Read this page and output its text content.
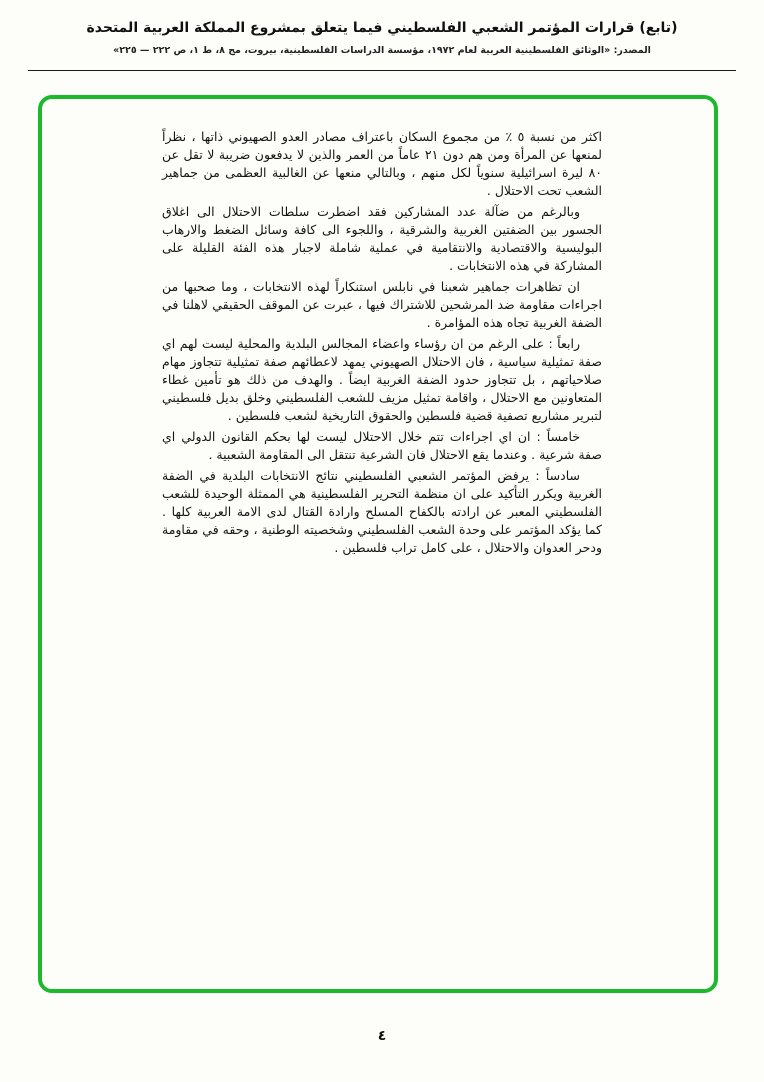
(تابع) قرارات المؤتمر الشعبي الفلسطيني فيما يتعلق بمشروع المملكة العربية المتحدة
المصدر: «الوثائق الفلسطينية العربية لعام ١٩٧٢، مؤسسة الدراسات الفلسطينية، بيروت، مج ٨، ط ١، ص ٢٢٢ — ٢٢٥»

اكثر من نسبة ٥ ٪ من مجموع السكان باعتراف مصادر العدو الصهيوني ذاتها ، نظراً لمنعها عن المرأة ومن هم دون ٢١ عاماً من العمر والذين لا يدفعون ضريبة لا تقل عن ٨٠ ليرة اسرائيلية سنوياً لكل منهم ، وبالتالي منعها عن الغالبية العظمى من جماهير الشعب تحت الاحتلال .

وبالرغم من ضآلة عدد المشاركين فقد اضطرت سلطات الاحتلال الى اغلاق الجسور بين الضفتين الغربية والشرقية ، واللجوء الى كافة وسائل الضغط والارهاب البوليسية والاقتصادية والانتقامية في عملية شاملة لاجبار هذه الفئة القليلة على المشاركة في هذه الانتخابات .

ان تظاهرات جماهير شعبنا في نابلس استنكاراً لهذه الانتخابات ، وما صحبها من اجراءات مقاومة ضد المرشحين للاشتراك فيها ، عبرت عن الموقف الحقيقي لاهلنا في الضفة الغربية تجاه هذه المؤامرة .

رابعاً : على الرغم من ان رؤساء واعضاء المجالس البلدية والمحلية ليست لهم اي صفة تمثيلية سياسية ، فان الاحتلال الصهيوني يمهد لاعطائهم صفة تمثيلية تتجاوز مهام صلاحياتهم ، بل تتجاوز حدود الضفة الغربية ايضاً . والهدف من ذلك هو تأمين غطاء المتعاونين مع الاحتلال ، واقامة تمثيل مزيف للشعب الفلسطيني وخلق بديل فلسطيني لتبرير مشاريع تصفية قضية فلسطين والحقوق التاريخية لشعب فلسطين .

خامساً : ان اي اجراءات تتم خلال الاحتلال ليست لها بحكم القانون الدولي اي صفة شرعية . وعندما يقع الاحتلال فان الشرعية تنتقل الى المقاومة الشعبية .

سادساً : يرفض المؤتمر الشعبي الفلسطيني نتائج الانتخابات البلدية في الضفة الغربية ويكرر التأكيد على ان منظمة التحرير الفلسطينية هي الممثلة الوحيدة للشعب الفلسطيني المعبر عن ارادته بالكفاح المسلح وارادة القتال لدى الامة العربية كلها . كما يؤكد المؤتمر على وحدة الشعب الفلسطيني وشخصيته الوطنية ، وحقه في مقاومة ودحر العدوان والاحتلال ، على كامل تراب فلسطين .

٤
